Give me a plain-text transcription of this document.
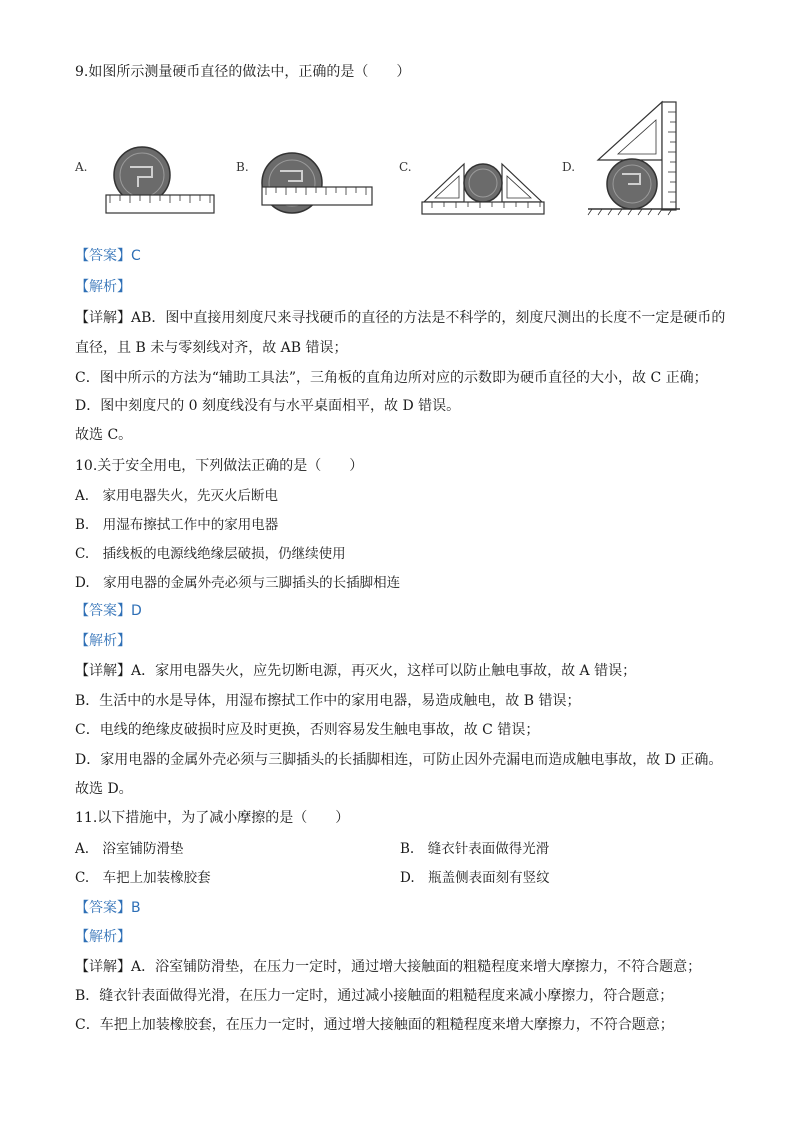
9.如图所示测量硬币直径的做法中，正确的是（　　）
A.	B.	C.	D.
【答案】C
【解析】
【详解】AB．图中直接用刻度尺来寻找硬币的直径的方法是不科学的，刻度尺测出的长度不一定是硬币的
直径，且 B 未与零刻线对齐，故 AB 错误；
C．图中所示的方法为“辅助工具法”，三角板的直角边所对应的示数即为硬币直径的大小，故 C 正确；
D．图中刻度尺的 0 刻度线没有与水平桌面相平，故 D 错误。
故选 C。
10.关于安全用电，下列做法正确的是（　　）
A.　家用电器失火，先灭火后断电
B.　用湿布擦拭工作中的家用电器
C.　插线板的电源线绝缘层破损，仍继续使用
D.　家用电器的金属外壳必须与三脚插头的长插脚相连
【答案】D
【解析】
【详解】A．家用电器失火，应先切断电源，再灭火，这样可以防止触电事故，故 A 错误；
B．生活中的水是导体，用湿布擦拭工作中的家用电器，易造成触电，故 B 错误；
C．电线的绝缘皮破损时应及时更换，否则容易发生触电事故，故 C 错误；
D．家用电器的金属外壳必须与三脚插头的长插脚相连，可防止因外壳漏电而造成触电事故，故 D 正确。
故选 D。
11.以下措施中，为了减小摩擦的是（　　）
A.　浴室铺防滑垫	B.　缝衣针表面做得光滑
C.　车把上加装橡胶套	D.　瓶盖侧表面刻有竖纹
【答案】B
【解析】
【详解】A．浴室铺防滑垫，在压力一定时，通过增大接触面的粗糙程度来增大摩擦力，不符合题意；
B．缝衣针表面做得光滑，在压力一定时，通过减小接触面的粗糙程度来减小摩擦力，符合题意；
C．车把上加装橡胶套，在压力一定时，通过增大接触面的粗糙程度来增大摩擦力，不符合题意；
